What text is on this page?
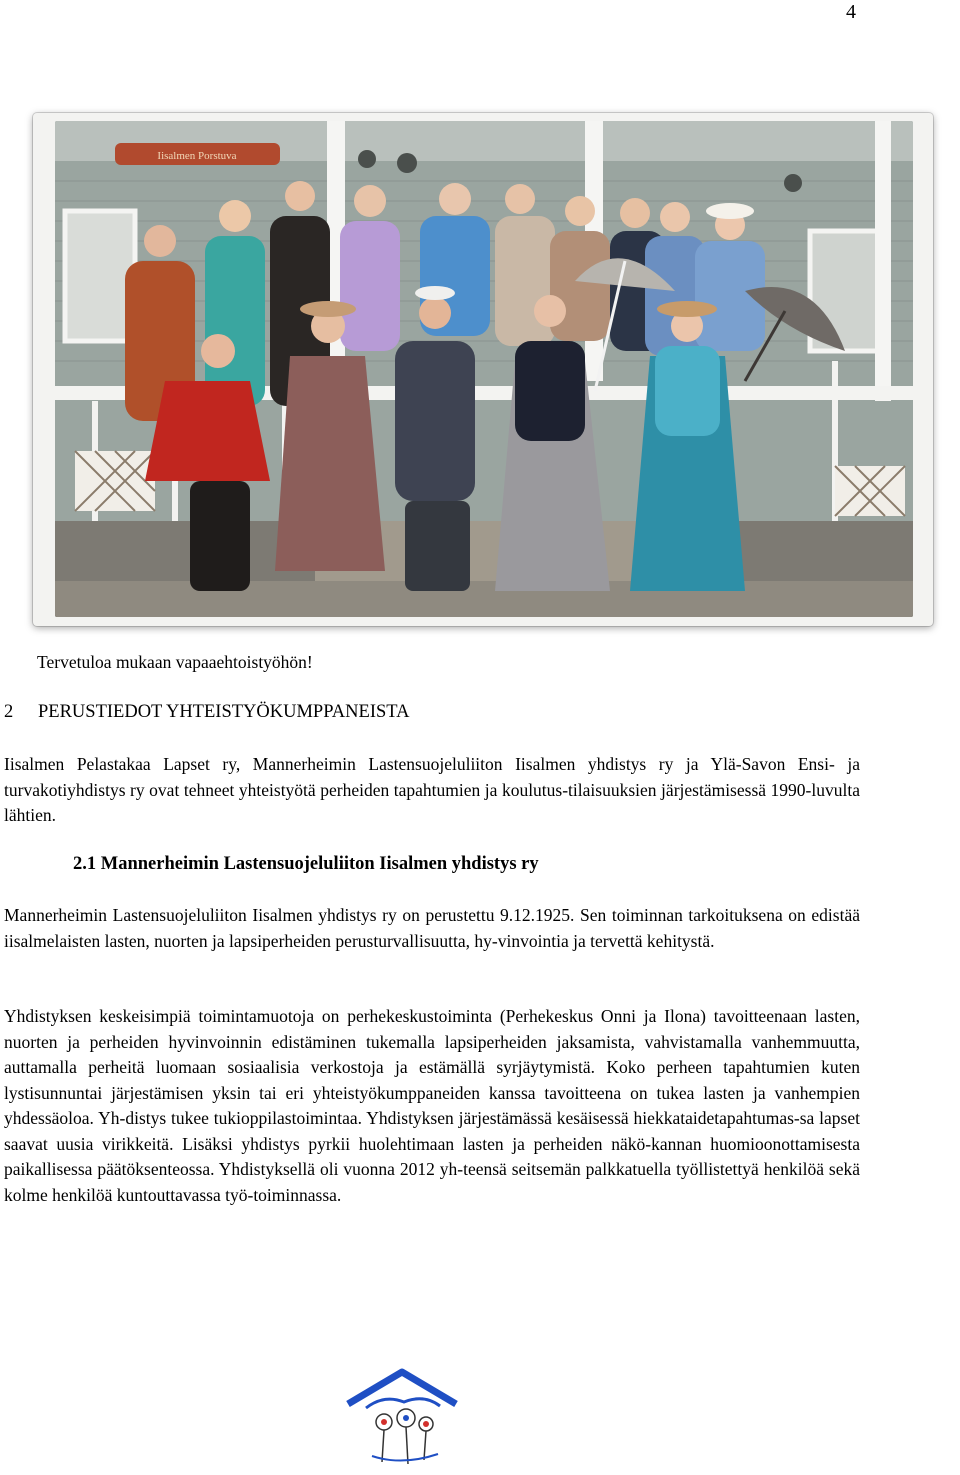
4
Iisalmen Porstuva
Tervetuloa mukaan vapaaehtoistyöhön!
2 PERUSTIEDOT YHTEISTYÖKUMPPANEISTA
Iisalmen Pelastakaa Lapset ry, Mannerheimin Lastensuojeluliiton Iisalmen yhdistys ry ja Ylä-Savon Ensi- ja turvakotiyhdistys ry ovat tehneet yhteistyötä perheiden tapahtumien ja koulutus-tilaisuuksien järjestämisessä 1990-luvulta lähtien.
2.1 Mannerheimin Lastensuojeluliiton Iisalmen yhdistys ry
Mannerheimin Lastensuojeluliiton Iisalmen yhdistys ry on perustettu 9.12.1925. Sen toiminnan tarkoituksena on edistää iisalmelaisten lasten, nuorten ja lapsiperheiden perusturvallisuutta, hy-vinvointia ja tervettä kehitystä.
Yhdistyksen keskeisimpiä toimintamuotoja on perhekeskustoiminta (Perhekeskus Onni ja Ilona) tavoitteenaan lasten, nuorten ja perheiden hyvinvoinnin edistäminen tukemalla lapsiperheiden jaksamista, vahvistamalla vanhemmuutta, auttamalla perheitä luomaan sosiaalisia verkostoja ja estämällä syrjäytymistä. Koko perheen tapahtumien kuten lystisunnuntai järjestämisen yksin tai eri yhteistyökumppaneiden kanssa tavoitteena on tukea lasten ja vanhempien yhdessäoloa. Yh-distys tukee tukioppilastoimintaa. Yhdistyksen järjestämässä kesäisessä hiekkataidetapahtumas-sa lapset saavat uusia virikkeitä. Lisäksi yhdistys pyrkii huolehtimaan lasten ja perheiden näkö-kannan huomioonottamisesta paikallisessa päätöksenteossa. Yhdistyksellä oli vuonna 2012 yh-teensä seitsemän palkkatuella työllistettyä henkilöä sekä kolme henkilöä kuntouttavassa työ-toiminnassa.
